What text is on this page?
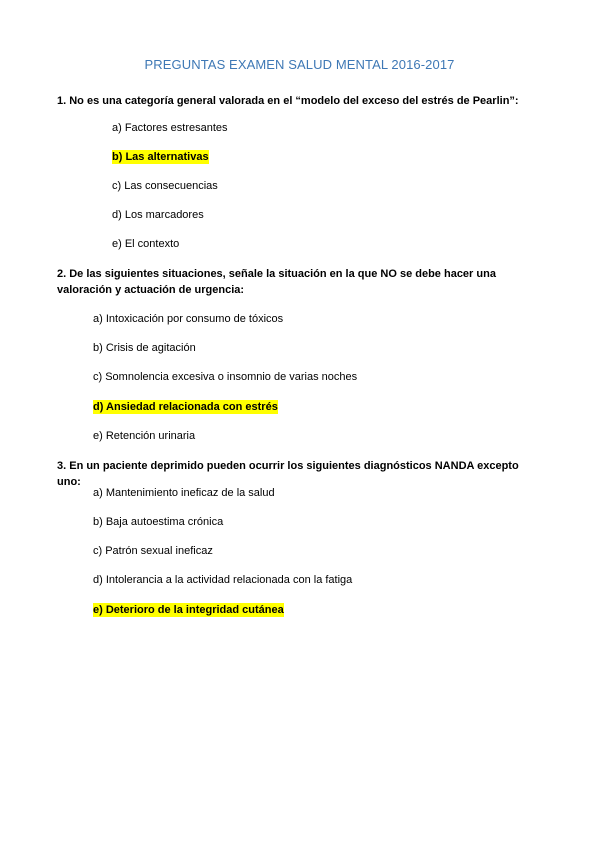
PREGUNTAS EXAMEN SALUD MENTAL 2016-2017
1. No es una categoría general valorada en el “modelo del exceso del estrés de Pearlin”:
a) Factores estresantes
b) Las alternativas
c) Las consecuencias
d) Los marcadores
e) El contexto
2. De las siguientes situaciones, señale la situación en la que NO se debe hacer una valoración y actuación de urgencia:
a) Intoxicación por consumo de tóxicos
b) Crisis de agitación
c) Somnolencia excesiva o insomnio de varias noches
d) Ansiedad relacionada con estrés
e) Retención urinaria
3. En un paciente deprimido pueden ocurrir los siguientes diagnósticos NANDA excepto uno:
a) Mantenimiento ineficaz de la salud
b) Baja autoestima crónica
c) Patrón sexual ineficaz
d) Intolerancia a la actividad relacionada con la fatiga
e) Deterioro de la integridad cutánea
